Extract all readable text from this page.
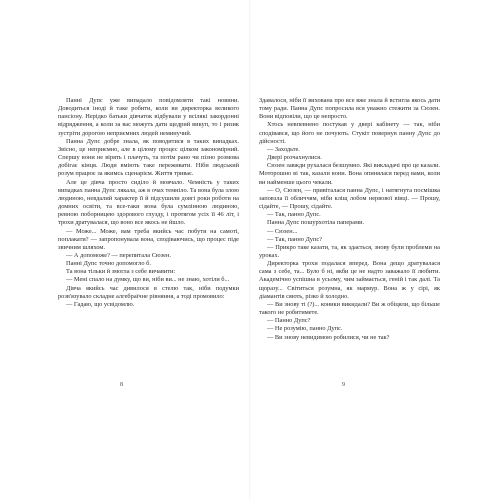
Панні Дупс уже випадало повідомляти такі новини. Доводиться іноді й таке робити, коли ви директорка великого пансіону. Нерідко батьки дівчаток відбували у всілякі закордонні відрядження, а коли за вас можуть дати щедрий викуп, то і ризик зустріти дорогою неприємних людей неминучий.

Панна Дупс добре знала, як поводитися в таких випадках. Звісно, це неприємно, але в цілому процес цілком закономірний. Спершу вони не вірять і плачуть, та потім рано чи пізно розмова добігає кінця. Люди вміють таке переживати. Ніби людський розум працює за якимсь сценарієм. Життя триває.

Але це дівча просто сиділо й мовчало. Чемність у таких випадках панна Дупс лякала, аж в очах темніло. Та вона була злою людиною, невдалий характер її й підсушили довгі роки роботи на домних освіти, та все-таки вона була сумлінною людиною, ревною поборницею здорового глузду, і протягом усіх її 46 літ, і трохи дратувалася, що воно все якось не йшло.

— Може... Може, вам треба якийсь час побути на самоті, поплакати? — запропонувала вона, сподіваючись, що процес піде звичним шляхом.

— А допоможе? — перепитала Сюзен.

Панні Дупс точно допомогло б.

Та вона тільки й змогла з себе вичавити:

— Мені спало на думку, що ви, ніби ви... не знаю, хотіли б...

Дівча якийсь час дивилося в стелю так, ніби подумки розв'язувало складне алгебраїчне рівняння, а тоді промовило:

— Гадаю, що усвідомлю.

Здавалося, ніби її вихована про все вже знала й встигла якось дати тому ради. Панна Дупс попросила вся уважно стежити за Сюзен. Вони відповіли, що це непросто.

Хтось невпевнено постукав у двері кабінету — так, ніби сподівався, що його не почують. Стукіт повернув панну Дупс до дійсності.

— Заходьте.

Двері розчахнулися.

Сюзен завжди рухалася безшумно. Які викладачі про це казали. Моторошно ві так, казали вони. Вона опинялася перед вами, коли ви найменше цього чекали.

— О, Сюзен, — привіталася панна Дупс, і натягнута посмішка заповзла її обличчям, ніби кліщ лобом нервової вівці. — Прошу, сідайте, — Прошу, сідайте.

— Так, панно Дупс.

Панна Дупс пошурхотіла паперами.

— Сюзен...

— Так, панно Дупс?

— Прикро таке казати, та, як здається, знову були проблеми на уроках.

Директорка трохи подалася вперед. Вона дещо дратувалася сама з себе, та... Було б ні, якби це не надто заважало її любити. Академічно успішна в усьому, чим займається, геній і так далі. Та щоразу... Світиться розумна, як мармур. Вона ж у сірі, як діамантів сяють, різко й холодно.

— Ви знову ті (?)... коники викидали? Ви ж обіцяли, що більше такого не робитимете.

— Панно Дупс?

— Не розумію, панно Дупс.

— Ви знову невидимою робилися, чи не так?

8	9
